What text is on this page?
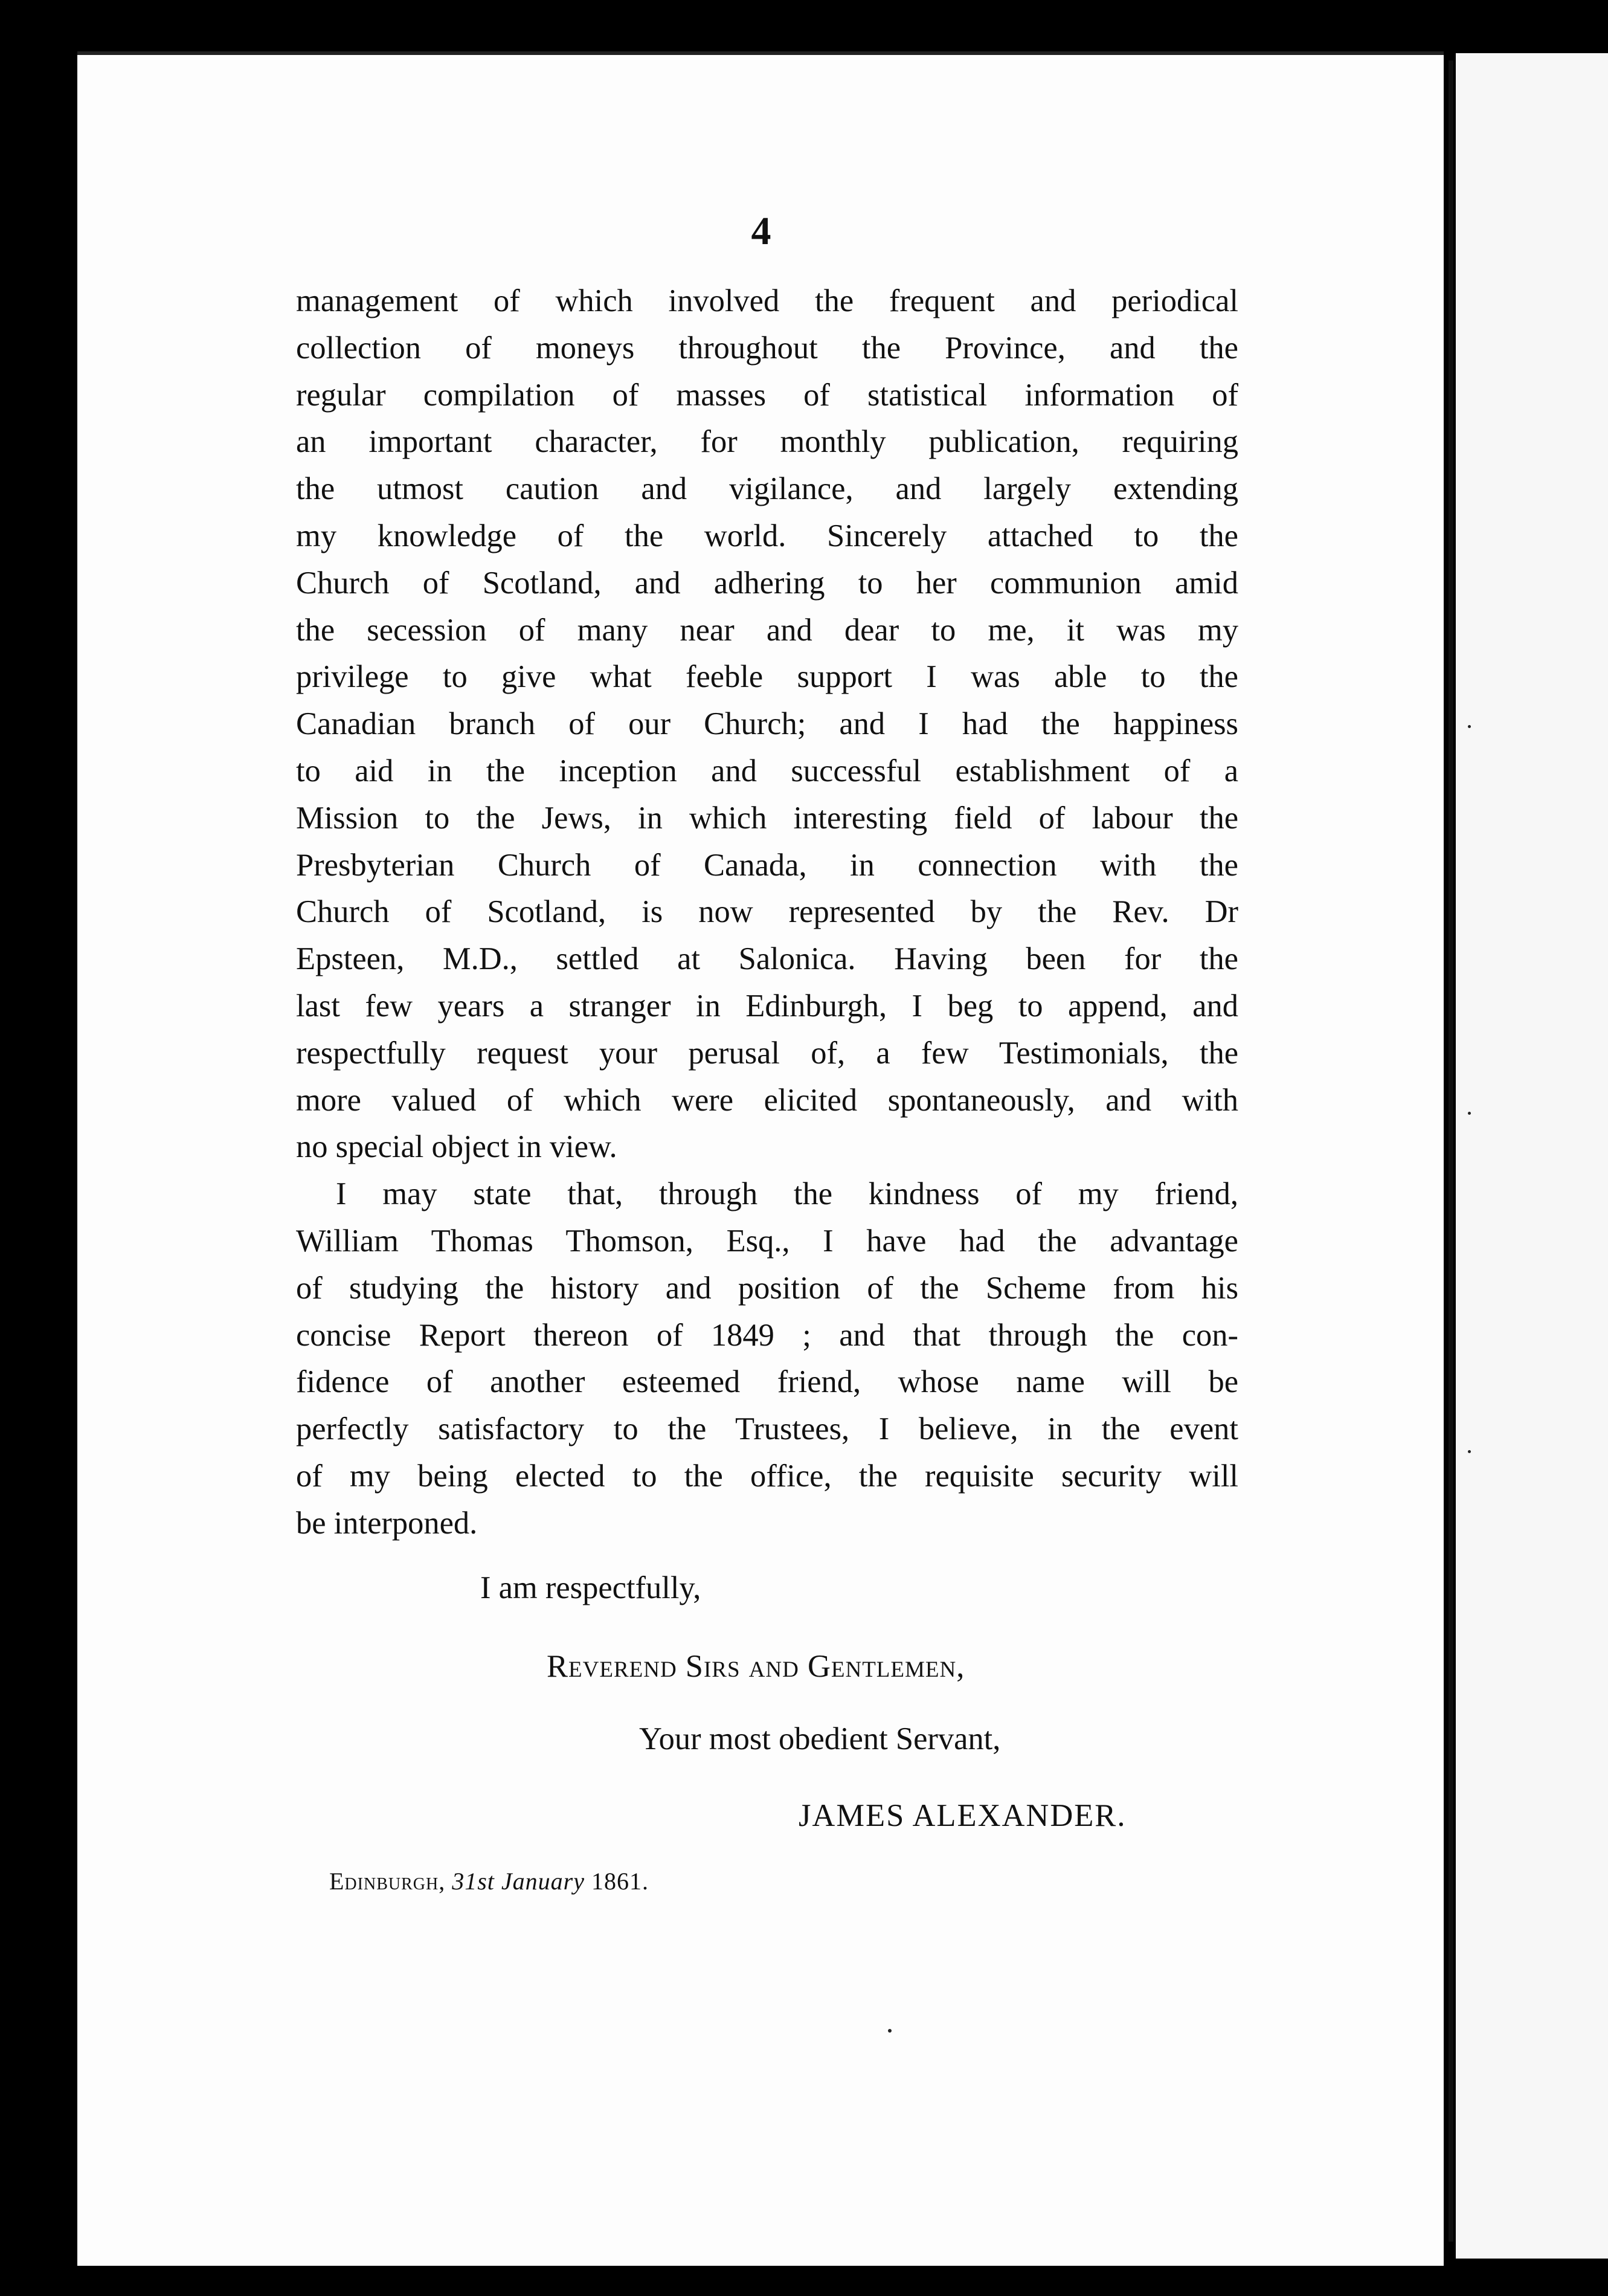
4
management of which involved the frequent and periodical
collection of moneys throughout the Province, and the
regular compilation of masses of statistical information of
an important character, for monthly publication, requiring
the utmost caution and vigilance, and largely extending
my knowledge of the world. Sincerely attached to the
Church of Scotland, and adhering to her communion amid
the secession of many near and dear to me, it was my
privilege to give what feeble support I was able to the
Canadian branch of our Church; and I had the happiness
to aid in the inception and successful establishment of a
Mission to the Jews, in which interesting field of labour the
Presbyterian Church of Canada, in connection with the
Church of Scotland, is now represented by the Rev. Dr
Epsteen, M.D., settled at Salonica. Having been for the
last few years a stranger in Edinburgh, I beg to append, and
respectfully request your perusal of, a few Testimonials, the
more valued of which were elicited spontaneously, and with
no special object in view.
I may state that, through the kindness of my friend,
William Thomas Thomson, Esq., I have had the advantage
of studying the history and position of the Scheme from his
concise Report thereon of 1849 ; and that through the con-
fidence of another esteemed friend, whose name will be
perfectly satisfactory to the Trustees, I believe, in the event
of my being elected to the office, the requisite security will
be interponed.
I am respectfully,
Reverend Sirs and Gentlemen,
Your most obedient Servant,
JAMES ALEXANDER.
Edinburgh, 31st January 1861.
